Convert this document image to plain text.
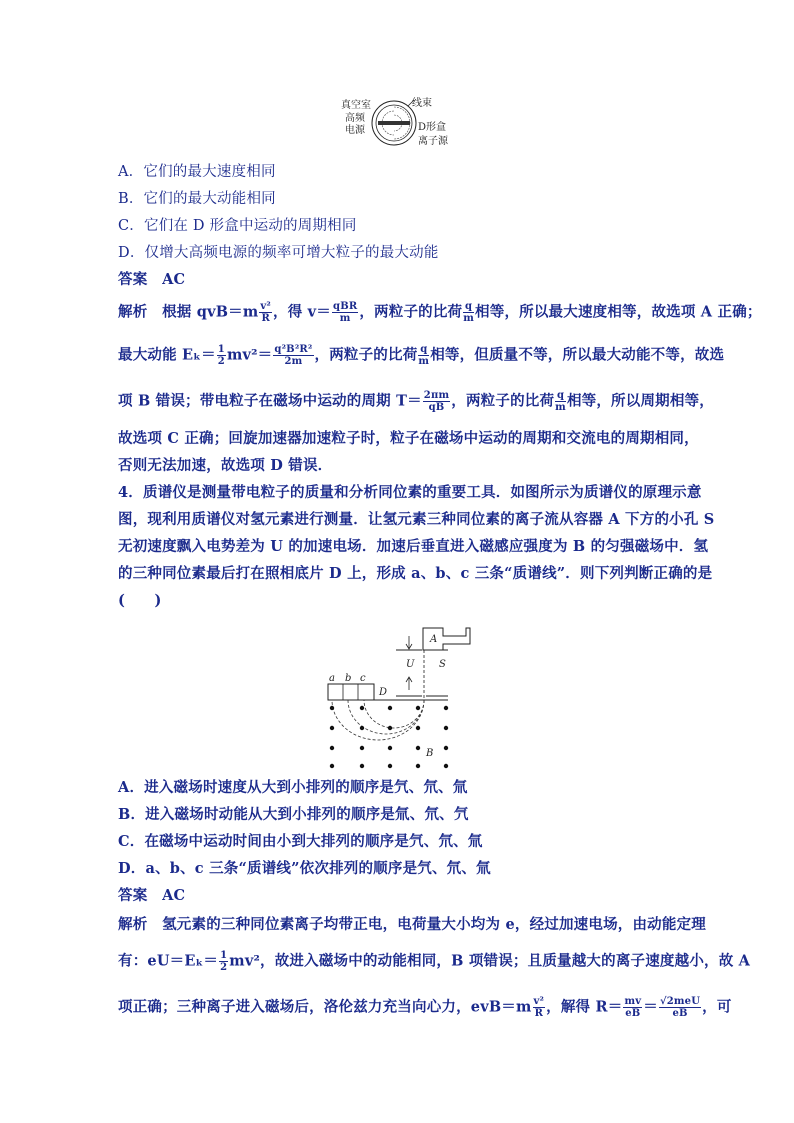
真空室	线束
高频
电源	D形盒
离子源
A．它们的最大速度相同
B．它们的最大动能相同
C．它们在 D 形盒中运动的周期相同
D．仅增大高频电源的频率可增大粒子的最大动能
答案　AC
解析　根据 $qvB=m \frac{\text{v²}}{R}$ ，得 $v= \frac{\text{qBR}}{m}$ ，两粒子的比荷 $\frac{q}{m}$ 相等，所以最大速度相等，故选项 A 正确；
最大动能 $E_k= \frac{1}{2} mv^2= \frac{\text{q²B²R²}}{2m}$ ，两粒子的比荷 $\frac{q}{m}$ 相等，但质量不等，所以最大动能不等，故选
项 B 错误；带电粒子在磁场中运动的周期 $T= \frac{2\pi m}{qB}$ ，两粒子的比荷 $\frac{q}{m}$ 相等，所以周期相等，
故选项 C 正确；回旋加速器加速粒子时，粒子在磁场中运动的周期和交流电的周期相同，
否则无法加速，故选项 D 错误．
4．质谱仪是测量带电粒子的质量和分析同位素的重要工具．如图所示为质谱仪的原理示意
图，现利用质谱仪对氢元素进行测量．让氢元素三种同位素的离子流从容器 A 下方的小孔 S
无初速度飘入电势差为 U 的加速电场．加速后垂直进入磁感应强度为 B 的匀强磁场中．氢
的三种同位素最后打在照相底片 D 上，形成 a、b、c 三条“质谱线”．则下列判断正确的是
(　　)
A
S
U
a b c
D
B
A．进入磁场时速度从大到小排列的顺序是氕、氘、氚
B．进入磁场时动能从大到小排列的顺序是氚、氘、氕
C．在磁场中运动时间由小到大排列的顺序是氕、氘、氚
D．a、b、c 三条“质谱线”依次排列的顺序是氕、氘、氚
答案　AC
解析　氢元素的三种同位素离子均带正电，电荷量大小均为 e，经过加速电场，由动能定理
有：$eU=E_k= \frac{1}{2} mv^2$，故进入磁场中的动能相同，B 项错误；且质量越大的离子速度越小，故 A
项正确；三种离子进入磁场后，洛伦兹力充当向心力，$evB=m \frac{\text{v²}}{R}$ ，解得 $R= \frac{mv}{eB} = \frac{\text{√2meU}}{eB}$ ，可
